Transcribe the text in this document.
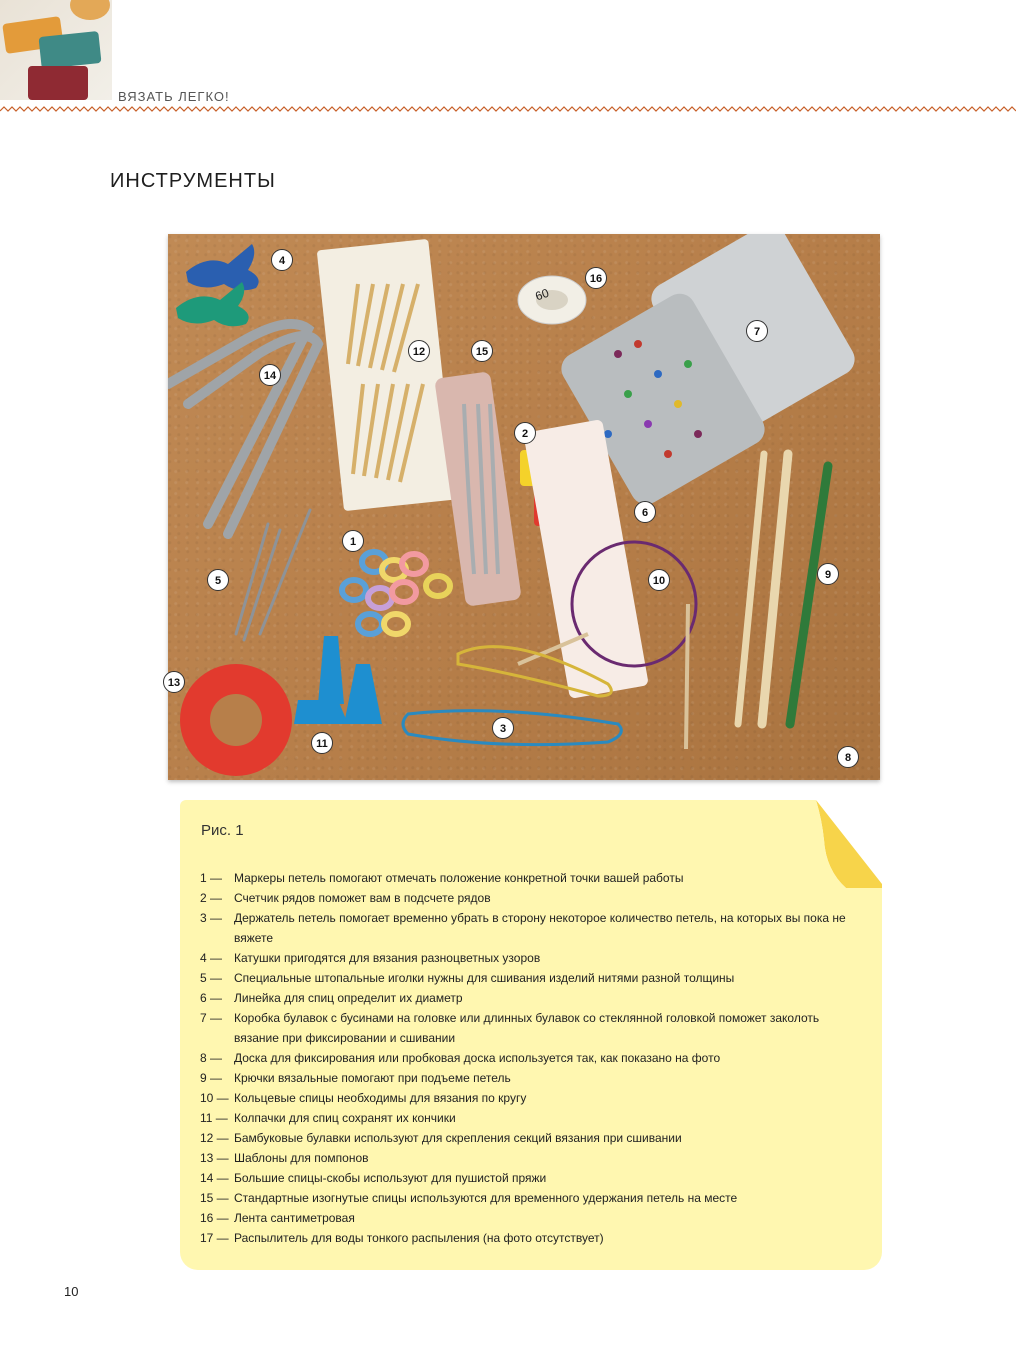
ВЯЗАТЬ ЛЕГКО!
ИНСТРУМЕНТЫ
60
4
12	15
16
7
14
2
6
1
5	10	9
13
3
11
8
Рис. 1
1 — Маркеры петель помогают отмечать положение конкретной точки вашей работы
2 — Счетчик рядов поможет вам в подсчете рядов
3 — Держатель петель помогает временно убрать в сторону некоторое количество петель, на которых вы пока не вяжете
4 — Катушки пригодятся для вязания разноцветных узоров
5 — Специальные штопальные иголки нужны для сшивания изделий нитями разной толщины
6 — Линейка для спиц определит их диаметр
7 — Коробка булавок с бусинами на головке или длинных булавок со стеклянной головкой поможет заколоть вязание при фиксировании и сшивании
8 — Доска для фиксирования или пробковая доска используется так, как показано на фото
9 — Крючки вязальные помогают при подъеме петель
10 — Кольцевые спицы необходимы для вязания по кругу
11 — Колпачки для спиц сохранят их кончики
12 — Бамбуковые булавки используют для скрепления секций вязания при сшивании
13 — Шаблоны для помпонов
14 — Большие спицы-скобы используют для пушистой пряжи
15 — Стандартные изогнутые спицы используются для временного удержания петель на месте
16 — Лента сантиметровая
17 — Распылитель для воды тонкого распыления (на фото отсутствует)
10
